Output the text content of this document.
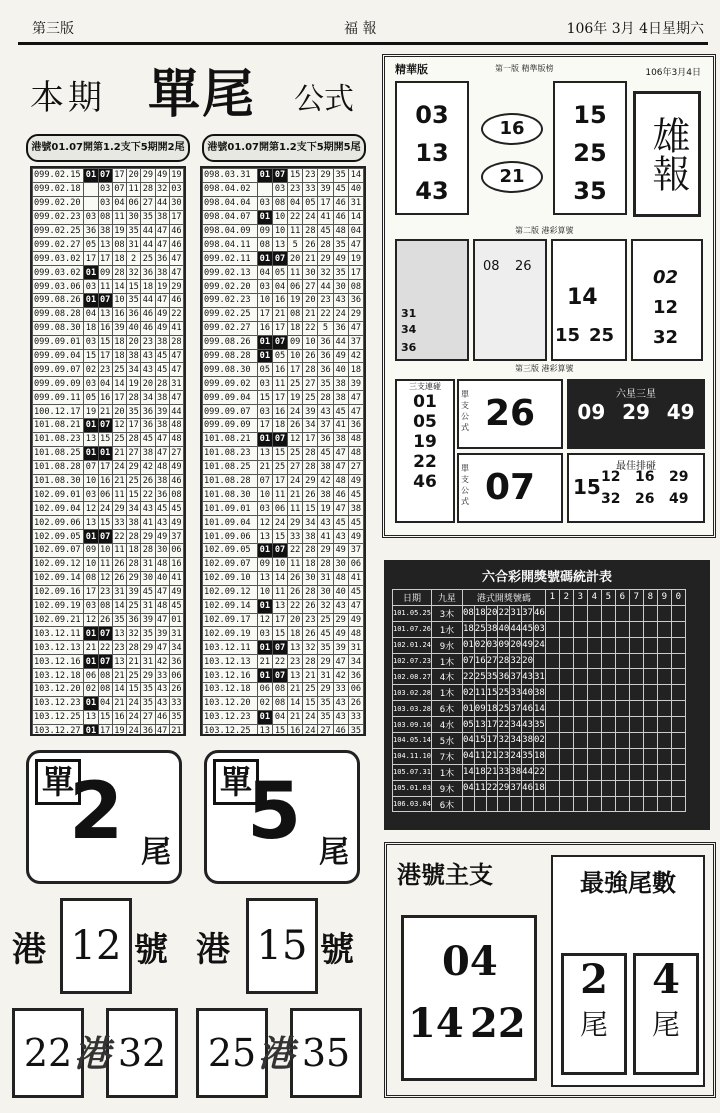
第三版	福 報	106年 3月 4日星期六
本期 單尾 公式
港號01.07開第1.2支下5期開2尾	港號01.07開第1.2支下5期開5尾
099.02.15	01	07	17	20	29	49	19
099.02.18		03	07	11	28	32	03
099.02.20		03	04	06	27	44	30
099.02.23	03	08	11	30	35	38	17
099.02.25	36	38	19	35	44	47	46
099.02.27	05	13	08	31	44	47	46
099.03.02	17	17	18	2	25	36	47
099.03.02	01	09	28	32	36	38	47
099.03.06	03	11	14	15	18	19	29
099.08.26	01	07	10	35	44	47	46
099.08.28	04	13	16	36	46	49	22
099.08.30	18	16	39	40	46	49	41
099.09.01	03	15	18	20	23	38	28
099.09.04	15	17	18	38	43	45	47
099.09.07	02	23	25	34	43	45	47
099.09.09	03	04	14	19	20	28	31
099.09.11	05	16	17	28	34	38	47
100.12.17	19	21	20	35	36	39	44
101.08.21	01	07	12	17	36	38	48
101.08.23	13	15	25	28	45	47	48
101.08.25	01	01	21	27	38	47	27
101.08.28	07	17	24	29	42	48	49
101.08.30	10	16	21	25	26	38	46
102.09.01	03	06	11	15	22	36	08
102.09.04	12	24	29	34	43	45	45
102.09.06	13	15	33	38	41	43	49
102.09.05	01	07	22	28	29	49	37
102.09.07	09	10	11	18	28	30	06
102.09.12	10	11	26	28	31	48	16
102.09.14	08	12	26	29	30	40	41
102.09.16	17	23	31	39	45	47	49
102.09.19	03	08	14	25	31	48	45
102.09.21	12	26	35	36	39	47	01
103.12.11	01	07	13	32	35	39	31
103.12.13	21	22	23	28	29	47	34
103.12.16	01	07	13	21	31	42	36
103.12.18	06	08	21	25	29	33	06
103.12.20	02	08	14	15	35	43	26
103.12.23	01	04	21	24	35	43	33
103.12.25	13	15	16	24	27	46	35
103.12.27	01	17	19	24	36	47	21

098.03.31	01	07	15	23	29	35	14
098.04.02		03	23	33	39	45	40
098.04.04	03	08	04	05	17	46	31
098.04.07	01	10	22	24	41	46	14
098.04.09	09	10	11	28	45	48	04
098.04.11	08	13	5	26	28	35	47
099.02.11	01	07	20	21	29	49	19
099.02.13	04	05	11	30	32	35	17
099.02.20	03	04	06	27	44	30	08
099.02.23	10	16	19	20	23	43	36
099.02.25	17	21	08	21	22	24	29
099.02.27	16	17	18	22	5	36	47
099.08.26	01	07	09	10	36	44	37
099.08.28	01	05	10	26	36	49	42
099.08.30	05	16	17	28	36	40	18
099.09.02	03	11	25	27	35	38	39
099.09.04	15	17	19	25	28	38	47
099.09.07	03	16	24	39	43	45	47
099.09.09	17	18	26	34	37	41	36
101.08.21	01	07	12	17	36	38	48
101.08.23	13	15	25	28	45	47	48
101.08.25	21	25	27	28	38	47	27
101.08.28	07	17	24	29	42	48	49
101.08.30	10	11	21	26	38	46	45
101.09.01	03	06	11	15	19	47	38
101.09.04	12	24	29	34	43	45	45
101.09.06	13	15	33	38	41	43	49
102.09.05	01	07	22	28	29	49	37
102.09.07	09	10	11	18	28	30	06
102.09.10	13	14	26	30	31	48	41
102.09.12	10	11	26	28	30	40	45
102.09.14	01	13	22	26	32	43	47
102.09.17	12	17	20	23	25	29	49
102.09.19	03	15	18	26	45	49	48
103.12.11	01	07	13	32	35	39	31
103.12.13	21	22	23	28	29	47	34
103.12.16	01	07	13	21	31	42	36
103.12.18	06	08	21	25	29	33	06
103.12.20	02	08	14	15	35	43	26
103.12.23	01	04	21	24	35	43	33
103.12.25	13	15	16	24	27	46	35

單
2 尾
單
5 尾
港 12 號 港 15 號
22	32
港	25	35
港
精華版	第一版 精準版榜	106年3月4日
03
13
43
16
21
15
25
35	雄報
第二版 港彩算號
31
34
36
08 26
14
15 25
02
12
32
第三版 港彩算號
三支連碰
01
05
19
22
46
單支公式 26
單支公式 07
六星三星
09 29 49
最佳排碰
15 12 16 29
32 26 49
六合彩開獎號碼統計表
日期	九星	港式開獎號碼							1	2	3	4	5	6	7	8	9	0
101.05.25	3木	08	18	20	22	31	37	46										
101.07.26	1水	18	25	38	40	44	45	03										
102.01.24	9水	01	02	03	09	20	49	24										
102.07.23	1木	07	16	27	28	32	20											
102.08.27	4木	22	25	35	36	37	43	31										
103.02.28	1木	02	11	15	25	33	40	38										
103.03.28	6木	01	09	18	25	37	46	14										
103.09.16	4水	05	13	17	22	34	43	35										
104.05.14	5水	04	15	17	32	34	38	02										
104.11.10	7木	04	11	21	23	24	35	18										
105.07.31	1木	14	18	21	33	38	44	22										
105.01.03	9木	04	11	22	29	37	46	18										
106.03.04	6木																	
港號主支
04
14 22
最強尾數
2
尾
4
尾
